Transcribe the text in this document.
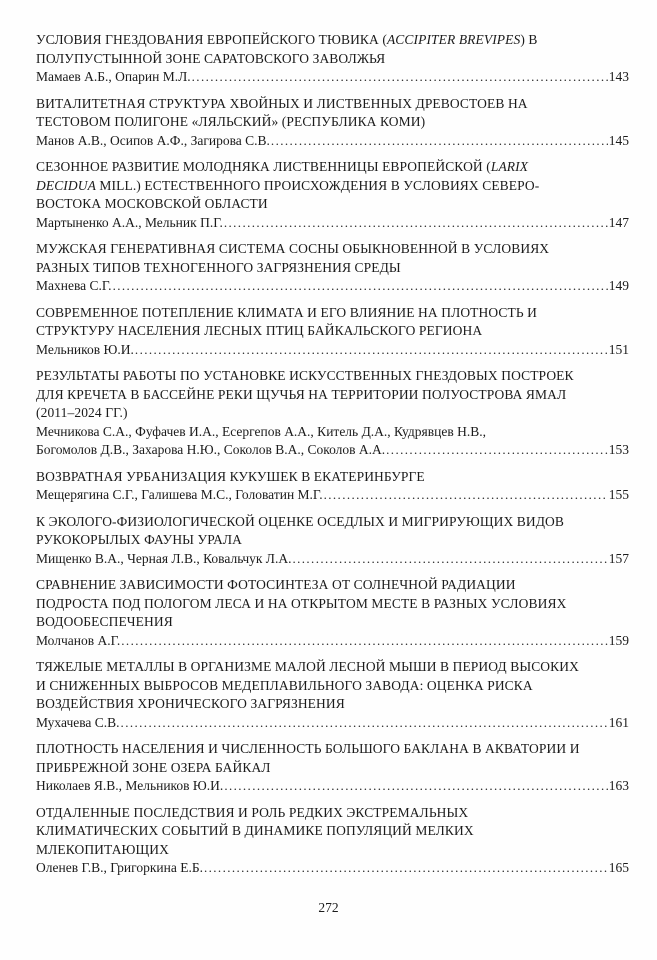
УСЛОВИЯ ГНЕЗДОВАНИЯ ЕВРОПЕЙСКОГО ТЮВИКА (ACCIPITER BREVIPES) В
ПОЛУПУСТЫННОЙ ЗОНЕ САРАТОВСКОГО ЗАВОЛЖЬЯ
Мамаев А.Б., Опарин М.Л. .....	143
ВИТАЛИТЕТНАЯ СТРУКТУРА ХВОЙНЫХ И ЛИСТВЕННЫХ ДРЕВОСТОЕВ НА
ТЕСТОВОМ ПОЛИГОНЕ «ЛЯЛЬСКИЙ» (РЕСПУБЛИКА КОМИ)
Манов А.В., Осипов А.Ф., Загирова С.В. .....	145
СЕЗОННОЕ РАЗВИТИЕ МОЛОДНЯКА ЛИСТВЕННИЦЫ ЕВРОПЕЙСКОЙ (LARIX
DECIDUA MILL.) ЕСТЕСТВЕННОГО ПРОИСХОЖДЕНИЯ В УСЛОВИЯХ СЕВЕРО-
ВОСТОКА МОСКОВСКОЙ ОБЛАСТИ
Мартыненко А.А., Мельник П.Г. .....	147
МУЖСКАЯ ГЕНЕРАТИВНАЯ СИСТЕМА СОСНЫ ОБЫКНОВЕННОЙ В УСЛОВИЯХ
РАЗНЫХ ТИПОВ ТЕХНОГЕННОГО ЗАГРЯЗНЕНИЯ СРЕДЫ
Махнева С.Г. .....	149
СОВРЕМЕННОЕ ПОТЕПЛЕНИЕ КЛИМАТА И ЕГО ВЛИЯНИЕ НА ПЛОТНОСТЬ И
СТРУКТУРУ НАСЕЛЕНИЯ ЛЕСНЫХ ПТИЦ БАЙКАЛЬСКОГО РЕГИОНА
Мельников Ю.И. .....	151
РЕЗУЛЬТАТЫ РАБОТЫ ПО УСТАНОВКЕ ИСКУССТВЕННЫХ ГНЕЗДОВЫХ ПОСТРОЕК
ДЛЯ КРЕЧЕТА В БАССЕЙНЕ РЕКИ ЩУЧЬЯ НА ТЕРРИТОРИИ ПОЛУОСТРОВА ЯМАЛ
(2011–2024 ГГ.)
Мечникова С.А., Фуфачев И.А., Есергепов А.А., Китель Д.А., Кудрявцев Н.В.,
Богомолов Д.В., Захарова Н.Ю., Соколов В.А., Соколов А.А. .....	153
ВОЗВРАТНАЯ УРБАНИЗАЦИЯ КУКУШЕК В ЕКАТЕРИНБУРГЕ
Мещерягина С.Г., Галишева М.С., Головатин М.Г. .....	155
К ЭКОЛОГО-ФИЗИОЛОГИЧЕСКОЙ ОЦЕНКЕ ОСЕДЛЫХ И МИГРИРУЮЩИХ ВИДОВ
РУКОКОРЫЛЫХ ФАУНЫ УРАЛА
Мищенко В.А., Черная Л.В., Ковальчук Л.А. .....	157
СРАВНЕНИЕ ЗАВИСИМОСТИ ФОТОСИНТЕЗА ОТ СОЛНЕЧНОЙ РАДИАЦИИ
ПОДРОСТА ПОД ПОЛОГОМ ЛЕСА И НА ОТКРЫТОМ МЕСТЕ В РАЗНЫХ УСЛОВИЯХ
ВОДООБЕСПЕЧЕНИЯ
Молчанов А.Г. .....	159
ТЯЖЕЛЫЕ МЕТАЛЛЫ В ОРГАНИЗМЕ МАЛОЙ ЛЕСНОЙ МЫШИ В ПЕРИОД ВЫСОКИХ
И СНИЖЕННЫХ ВЫБРОСОВ МЕДЕПЛАВИЛЬНОГО ЗАВОДА: ОЦЕНКА РИСКА
ВОЗДЕЙСТВИЯ ХРОНИЧЕСКОГО ЗАГРЯЗНЕНИЯ
Мухачева С.В. .....	161
ПЛОТНОСТЬ НАСЕЛЕНИЯ И ЧИСЛЕННОСТЬ БОЛЬШОГО БАКЛАНА В АКВАТОРИИ И
ПРИБРЕЖНОЙ ЗОНЕ ОЗЕРА БАЙКАЛ
Николаев Я.В., Мельников Ю.И. .....	163
ОТДАЛЕННЫЕ ПОСЛЕДСТВИЯ И РОЛЬ РЕДКИХ ЭКСТРЕМАЛЬНЫХ
КЛИМАТИЧЕСКИХ СОБЫТИЙ В ДИНАМИКЕ ПОПУЛЯЦИЙ МЕЛКИХ
МЛЕКОПИТАЮЩИХ
Оленев Г.В., Григоркина Е.Б. .....	165
272
